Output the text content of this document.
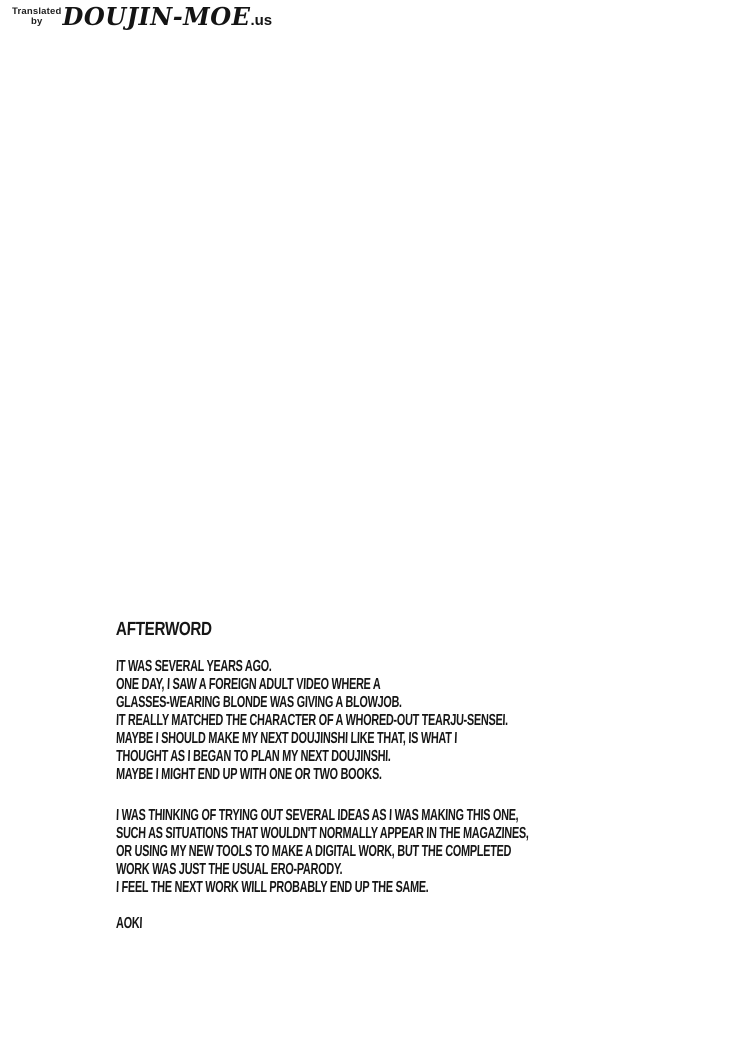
Translated
by DOUJIN-MOE.us
AFTERWORD
IT WAS SEVERAL YEARS AGO.
ONE DAY, I SAW A FOREIGN ADULT VIDEO WHERE A
GLASSES-WEARING BLONDE WAS GIVING A BLOWJOB.
IT REALLY MATCHED THE CHARACTER OF A WHORED-OUT TEARJU-SENSEI.
MAYBE I SHOULD MAKE MY NEXT DOUJINSHI LIKE THAT, IS WHAT I
THOUGHT AS I BEGAN TO PLAN MY NEXT DOUJINSHI.
MAYBE I MIGHT END UP WITH ONE OR TWO BOOKS.
I WAS THINKING OF TRYING OUT SEVERAL IDEAS AS I WAS MAKING THIS ONE,
SUCH AS SITUATIONS THAT WOULDN'T NORMALLY APPEAR IN THE MAGAZINES,
OR USING MY NEW TOOLS TO MAKE A DIGITAL WORK, BUT THE COMPLETED
WORK WAS JUST THE USUAL ERO-PARODY.
I FEEL THE NEXT WORK WILL PROBABLY END UP THE SAME.
AOKI
